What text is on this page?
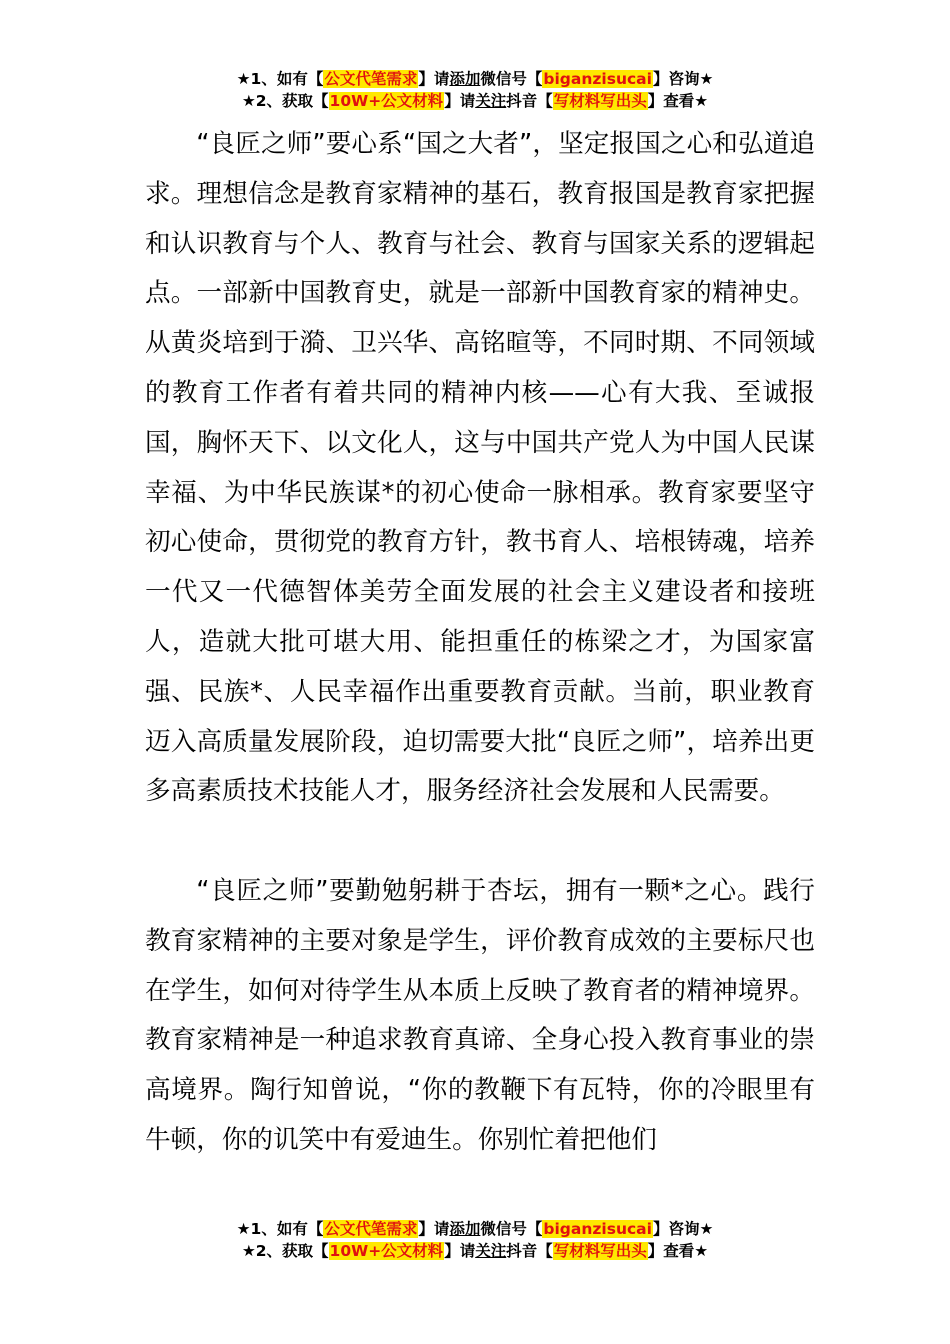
★1、如有【公文代笔需求】请添加微信号【biganzisucai】咨询★
★2、获取【10W+公文材料】请关注抖音【写材料写出头】查看★

“良匠之师”要心系“国之大者”，坚定报国之心和弘道追求。理想信念是教育家精神的基石，教育报国是教育家把握和认识教育与个人、教育与社会、教育与国家关系的逻辑起点。一部新中国教育史，就是一部新中国教育家的精神史。从黄炎培到于漪、卫兴华、高铭暄等，不同时期、不同领域的教育工作者有着共同的精神内核——心有大我、至诚报国，胸怀天下、以文化人，这与中国共产党人为中国人民谋幸福、为中华民族谋*的初心使命一脉相承。教育家要坚守初心使命，贯彻党的教育方针，教书育人、培根铸魂，培养一代又一代德智体美劳全面发展的社会主义建设者和接班人，造就大批可堪大用、能担重任的栋梁之才，为国家富强、民族*、人民幸福作出重要教育贡献。当前，职业教育迈入高质量发展阶段，迫切需要大批“良匠之师”，培养出更多高素质技术技能人才，服务经济社会发展和人民需要。

“良匠之师”要勤勉躬耕于杏坛，拥有一颗*之心。践行教育家精神的主要对象是学生，评价教育成效的主要标尺也在学生，如何对待学生从本质上反映了教育者的精神境界。教育家精神是一种追求教育真谛、全身心投入教育事业的崇高境界。陶行知曾说，“你的教鞭下有瓦特，你的冷眼里有牛顿，你的讥笑中有爱迪生。你别忙着把他们

★1、如有【公文代笔需求】请添加微信号【biganzisucai】咨询★
★2、获取【10W+公文材料】请关注抖音【写材料写出头】查看★
